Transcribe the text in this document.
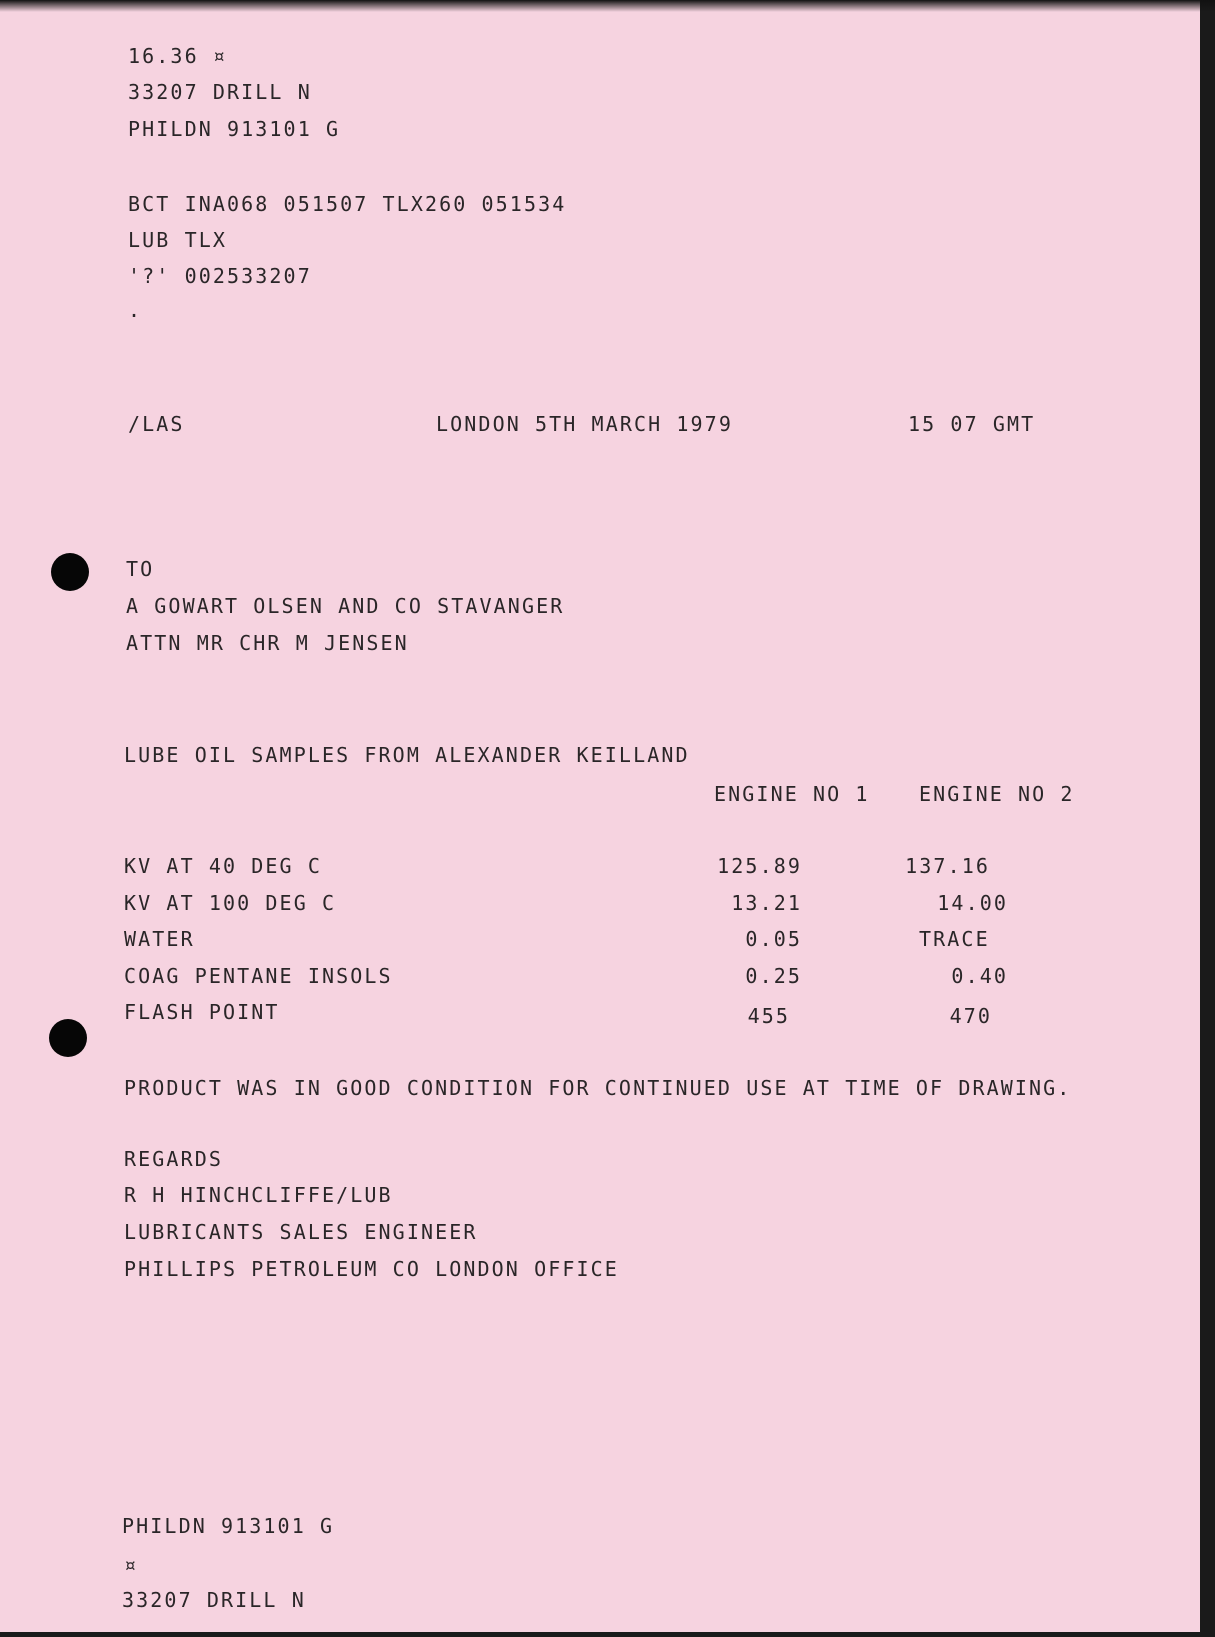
16.36 ¤
33207 DRILL N
PHILDN 913101 G
BCT INA068 051507 TLX260 051534
LUB TLX
'?' 002533207
.
/LAS	LONDON 5TH MARCH 1979	15 07 GMT
TO
A GOWART OLSEN AND CO STAVANGER
ATTN MR CHR M JENSEN
LUBE OIL SAMPLES FROM ALEXANDER KEILLAND
ENGINE NO 1 ENGINE NO 2
KV AT 40 DEG C	125.89	137.16
KV AT 100 DEG C	13.21	14.00
WATER	0.05	TRACE
COAG PENTANE INSOLS	0.25	0.40
FLASH POINT	455	470
PRODUCT WAS IN GOOD CONDITION FOR CONTINUED USE AT TIME OF DRAWING.
REGARDS
R H HINCHCLIFFE/LUB
LUBRICANTS SALES ENGINEER
PHILLIPS PETROLEUM CO LONDON OFFICE
PHILDN 913101 G
¤
33207 DRILL N
